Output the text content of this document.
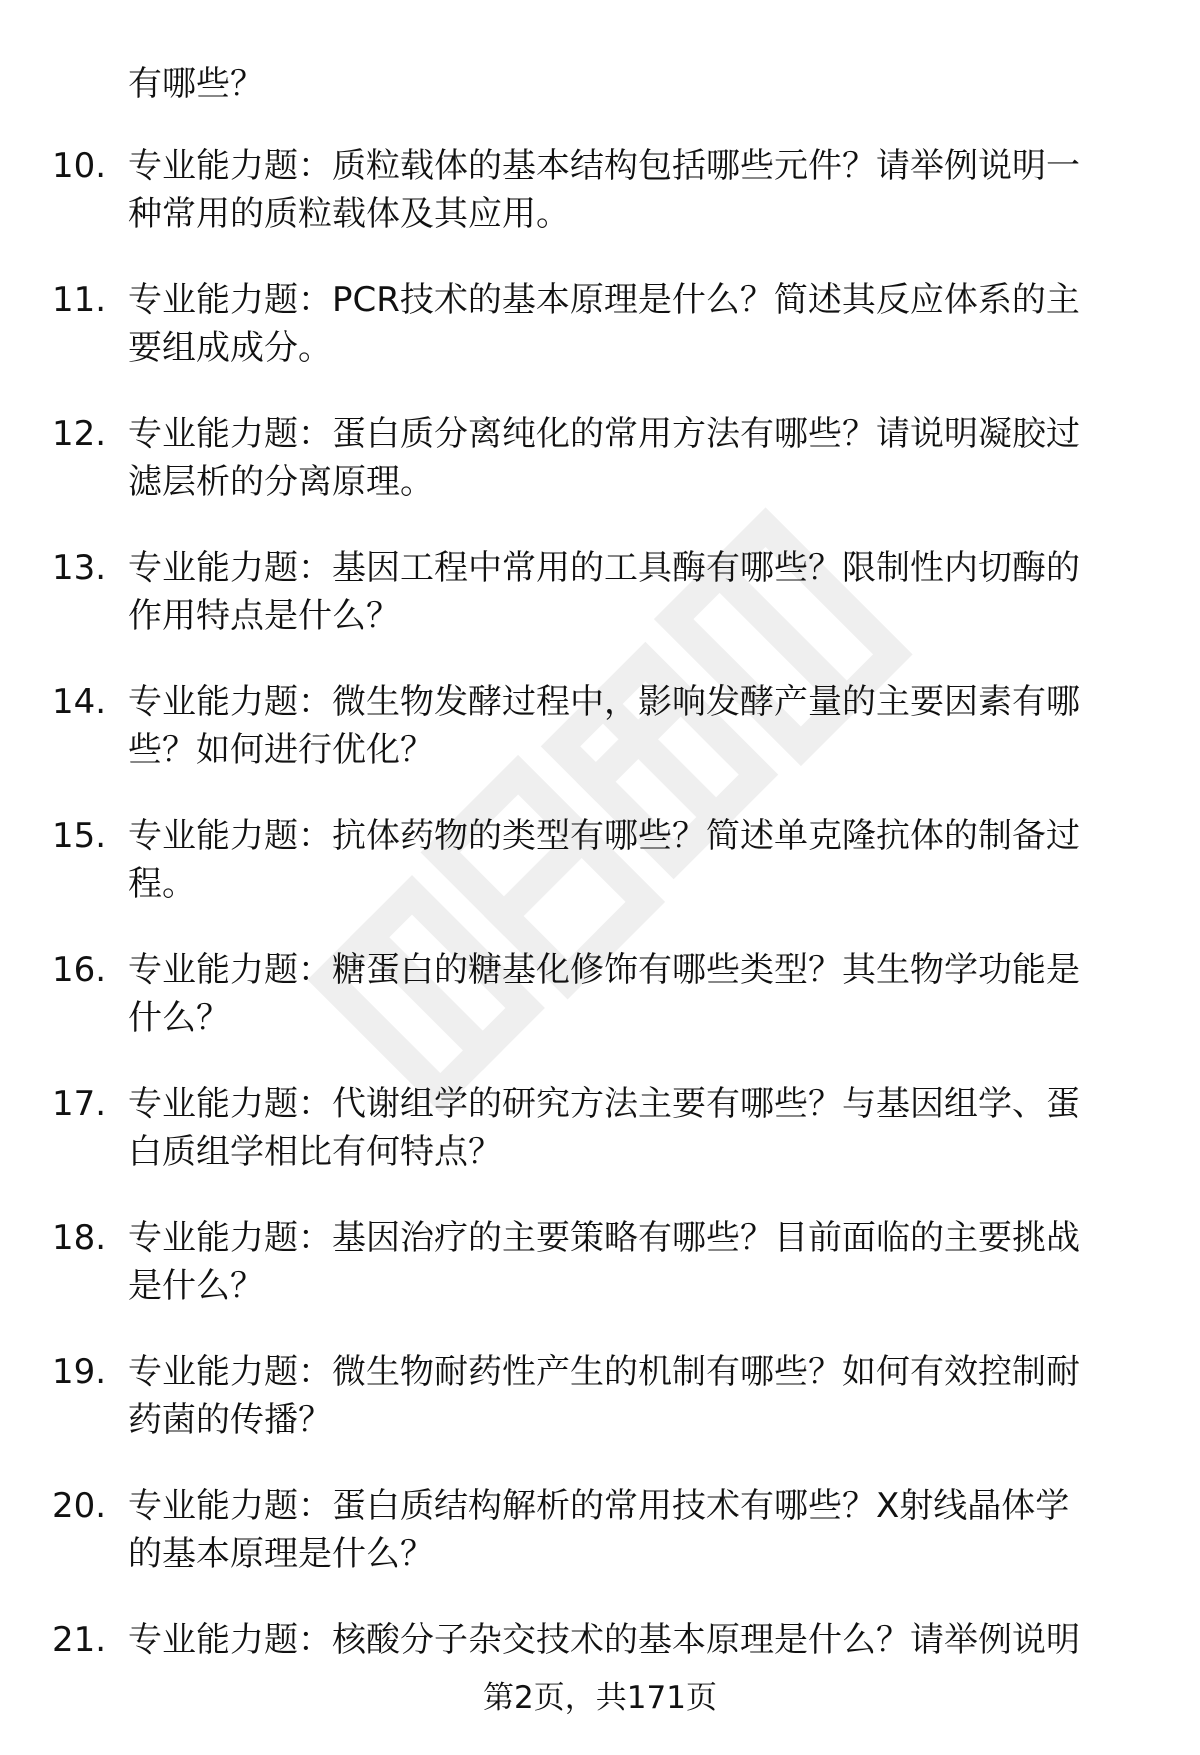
有哪些？
10. 专业能力题：质粒载体的基本结构包括哪些元件？请举例说明一
种常用的质粒载体及其应用。
11. 专业能力题：PCR技术的基本原理是什么？简述其反应体系的主
要组成成分。
12. 专业能力题：蛋白质分离纯化的常用方法有哪些？请说明凝胶过
滤层析的分离原理。
13. 专业能力题：基因工程中常用的工具酶有哪些？限制性内切酶的
作用特点是什么？
14. 专业能力题：微生物发酵过程中，影响发酵产量的主要因素有哪
些？如何进行优化？
15. 专业能力题：抗体药物的类型有哪些？简述单克隆抗体的制备过
程。
16. 专业能力题：糖蛋白的糖基化修饰有哪些类型？其生物学功能是
什么？
17. 专业能力题：代谢组学的研究方法主要有哪些？与基因组学、蛋
白质组学相比有何特点？
18. 专业能力题：基因治疗的主要策略有哪些？目前面临的主要挑战
是什么？
19. 专业能力题：微生物耐药性产生的机制有哪些？如何有效控制耐
药菌的传播？
20. 专业能力题：蛋白质结构解析的常用技术有哪些？X射线晶体学
的基本原理是什么？
21. 专业能力题：核酸分子杂交技术的基本原理是什么？请举例说明
第2页，共171页
